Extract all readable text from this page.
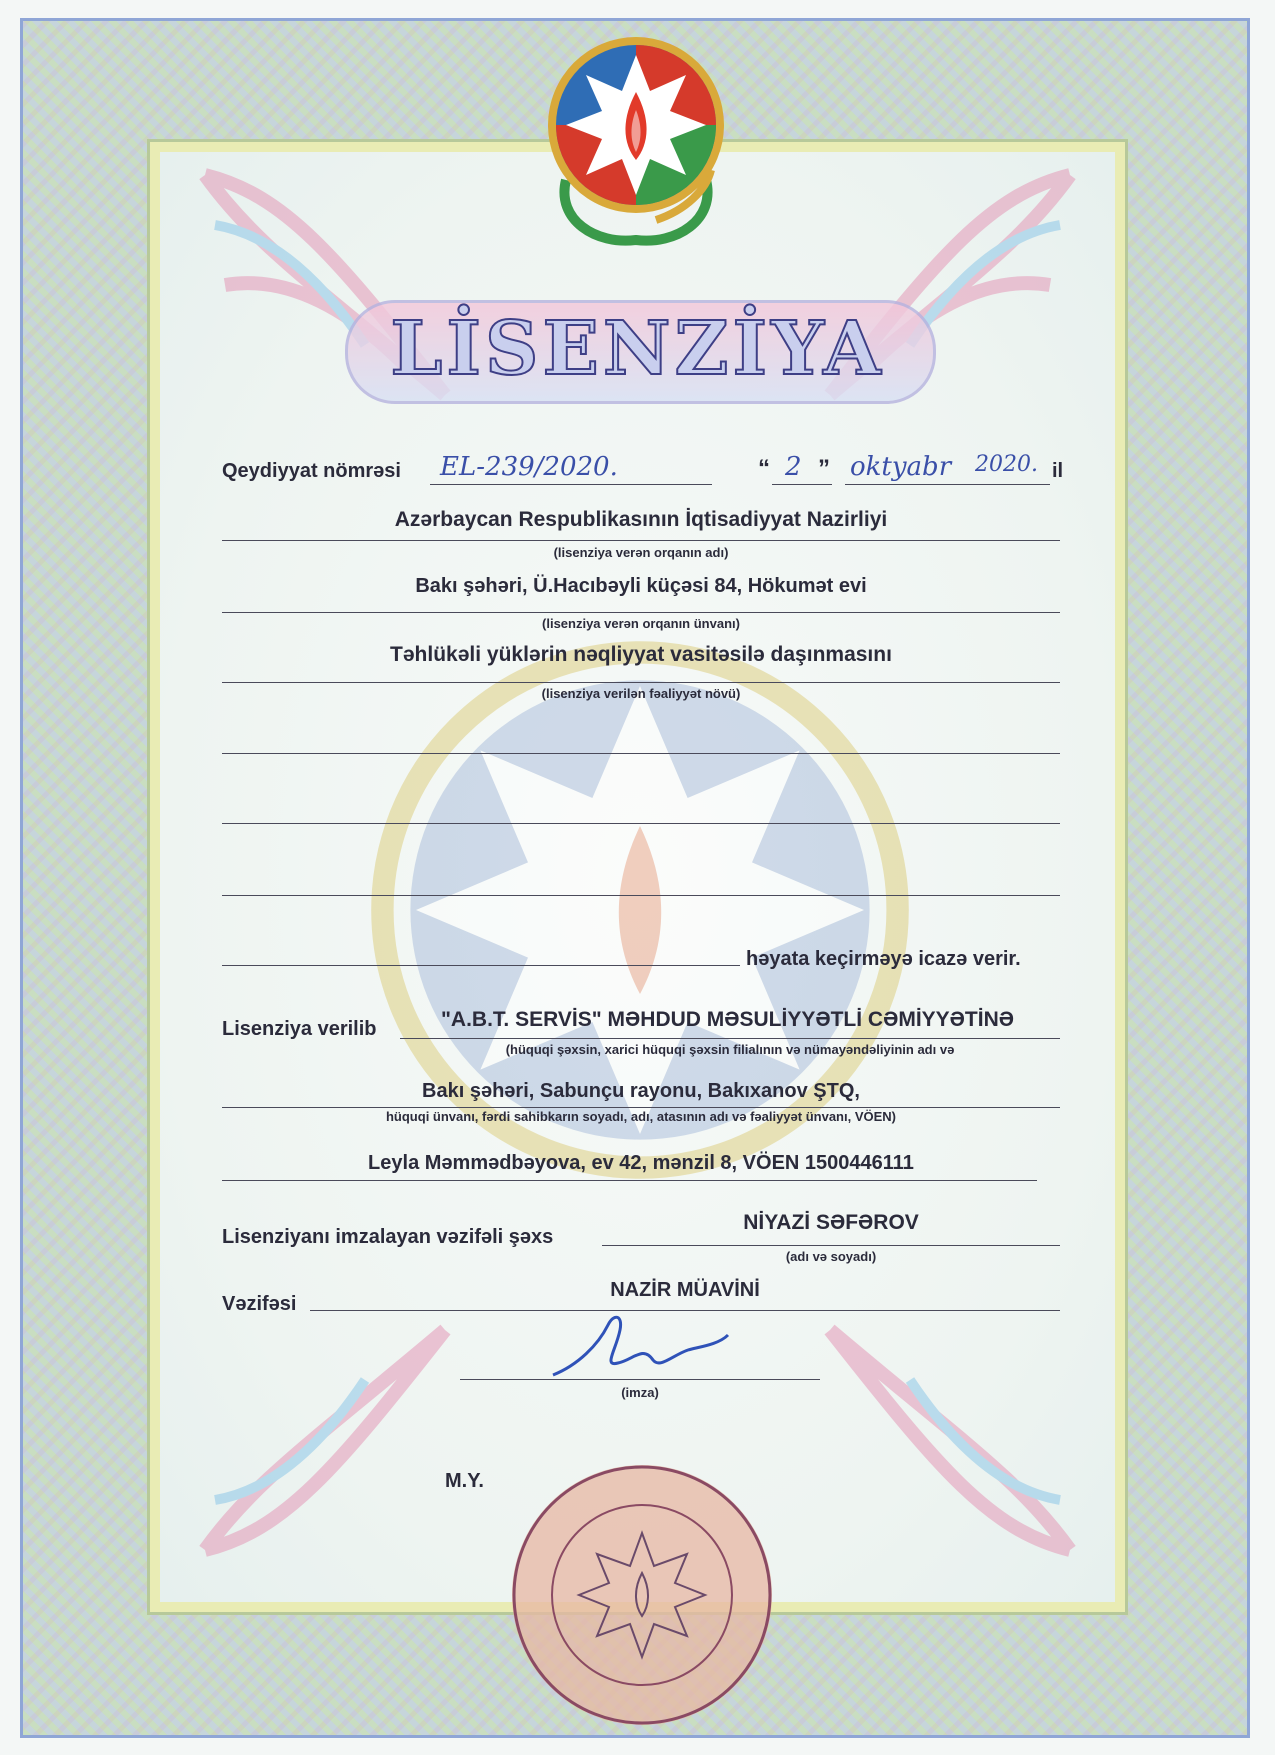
LİSENZİYA
Qeydiyyat nömrəsi EL-239/2020.	“ 2 ” oktyabr 2020. il
Azərbaycan Respublikasının İqtisadiyyat Nazirliyi
(lisenziya verən orqanın adı)
Bakı şəhəri, Ü.Hacıbəyli küçəsi 84, Hökumət evi
(lisenziya verən orqanın ünvanı)
Təhlükəli yüklərin nəqliyyat vasitəsilə daşınmasını
(lisenziya verilən fəaliyyət növü)
həyata keçirməyə icazə verir.
Lisenziya verilib	"A.B.T. SERVİS" MƏHDUD MƏSULİYYƏTLİ CƏMİYYƏTİNƏ
(hüquqi şəxsin, xarici hüquqi şəxsin filialının və nümayəndəliyinin adı və
Bakı şəhəri, Sabunçu rayonu, Bakıxanov ŞTQ,
hüquqi ünvanı, fərdi sahibkarın soyadı, adı, atasının adı və fəaliyyət ünvanı, VÖEN)
Leyla Məmmədbəyova, ev 42, mənzil 8, VÖEN 1500446111
Lisenziyanı imzalayan vəzifəli şəxs
NİYAZİ SƏFƏROV
(adı və soyadı)
Vəzifəsi
NAZİR MÜAVİNİ
(imza)
M.Y.
